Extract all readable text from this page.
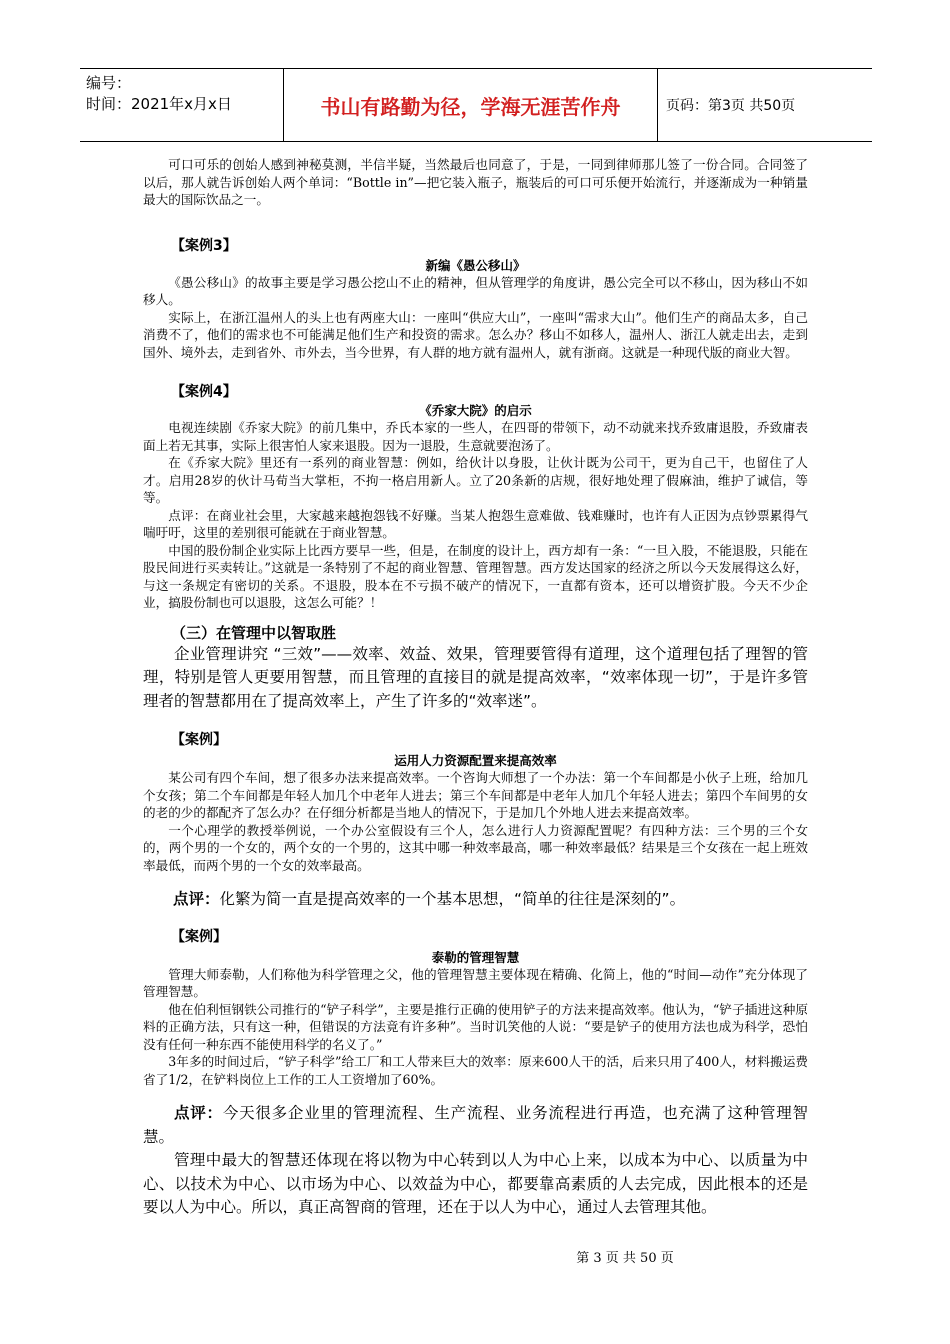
编号：
时间：2021年x月x日	书山有路勤为径，学海无涯苦作舟	页码：第3页 共50页

可口可乐的创始人感到神秘莫测，半信半疑，当然最后也同意了，于是，一同到律师那儿签了一份合同。合同签了以后，那人就告诉创始人两个单词：“Bottle in”—把它装入瓶子，瓶装后的可口可乐便开始流行，并逐渐成为一种销量最大的国际饮品之一。

【案例3】

新编《愚公移山》

《愚公移山》的故事主要是学习愚公挖山不止的精神，但从管理学的角度讲，愚公完全可以不移山，因为移山不如移人。

实际上，在浙江温州人的头上也有两座大山：一座叫“供应大山”，一座叫“需求大山”。他们生产的商品太多，自己消费不了，他们的需求也不可能满足他们生产和投资的需求。怎么办？移山不如移人，温州人、浙江人就走出去，走到国外、境外去，走到省外、市外去，当今世界，有人群的地方就有温州人，就有浙商。这就是一种现代版的商业大智。

【案例4】

《乔家大院》的启示

电视连续剧《乔家大院》的前几集中，乔氏本家的一些人，在四哥的带领下，动不动就来找乔致庸退股，乔致庸表面上若无其事，实际上很害怕人家来退股。因为一退股，生意就要泡汤了。

在《乔家大院》里还有一系列的商业智慧：例如，给伙计以身股，让伙计既为公司干，更为自己干，也留住了人才。启用28岁的伙计马荀当大掌柜，不拘一格启用新人。立了20条新的店规，很好地处理了假麻油，维护了诚信，等等。

点评：在商业社会里，大家越来越抱怨钱不好赚。当某人抱怨生意难做、钱难赚时，也许有人正因为点钞票累得气喘吁吁，这里的差别很可能就在于商业智慧。

中国的股份制企业实际上比西方要早一些，但是，在制度的设计上，西方却有一条：“一旦入股，不能退股，只能在股民间进行买卖转让。”这就是一条特别了不起的商业智慧、管理智慧。西方发达国家的经济之所以今天发展得这么好，与这一条规定有密切的关系。不退股，股本在不亏损不破产的情况下，一直都有资本，还可以增资扩股。今天不少企业，搞股份制也可以退股，这怎么可能？！

（三）在管理中以智取胜

企业管理讲究 “三效”——效率、效益、效果，管理要管得有道理，这个道理包括了理智的管理，特别是管人更要用智慧，而且管理的直接目的就是提高效率，“效率体现一切”，于是许多管理者的智慧都用在了提高效率上，产生了许多的“效率迷”。

【案例】

运用人力资源配置来提高效率

某公司有四个车间，想了很多办法来提高效率。一个咨询大师想了一个办法：第一个车间都是小伙子上班，给加几个女孩；第二个车间都是年轻人加几个中老年人进去；第三个车间都是中老年人加几个年轻人进去；第四个车间男的女的老的少的都配齐了怎么办？在仔细分析都是当地人的情况下，于是加几个外地人进去来提高效率。

一个心理学的教授举例说，一个办公室假设有三个人，怎么进行人力资源配置呢？有四种方法：三个男的三个女的，两个男的一个女的，两个女的一个男的，这其中哪一种效率最高，哪一种效率最低？结果是三个女孩在一起上班效率最低，而两个男的一个女的效率最高。

点评：化繁为简一直是提高效率的一个基本思想，“简单的往往是深刻的”。

【案例】

泰勒的管理智慧

管理大师泰勒，人们称他为科学管理之父，他的管理智慧主要体现在精确、化简上，他的“时间—动作”充分体现了管理智慧。

他在伯利恒钢铁公司推行的“铲子科学”，主要是推行正确的使用铲子的方法来提高效率。他认为，“铲子插进这种原料的正确方法，只有这一种，但错误的方法竟有许多种”。当时讥笑他的人说：“要是铲子的使用方法也成为科学，恐怕没有任何一种东西不能使用科学的名义了。”

3年多的时间过后，“铲子科学”给工厂和工人带来巨大的效率：原来600人干的活，后来只用了400人，材料搬运费省了1/2，在铲料岗位上工作的工人工资增加了60%。

点评：今天很多企业里的管理流程、生产流程、业务流程进行再造，也充满了这种管理智慧。

管理中最大的智慧还体现在将以物为中心转到以人为中心上来，以成本为中心、以质量为中心、以技术为中心、以市场为中心、以效益为中心，都要靠高素质的人去完成，因此根本的还是要以人为中心。所以，真正高智商的管理，还在于以人为中心，通过人去管理其他。

第 3 页 共 50 页
